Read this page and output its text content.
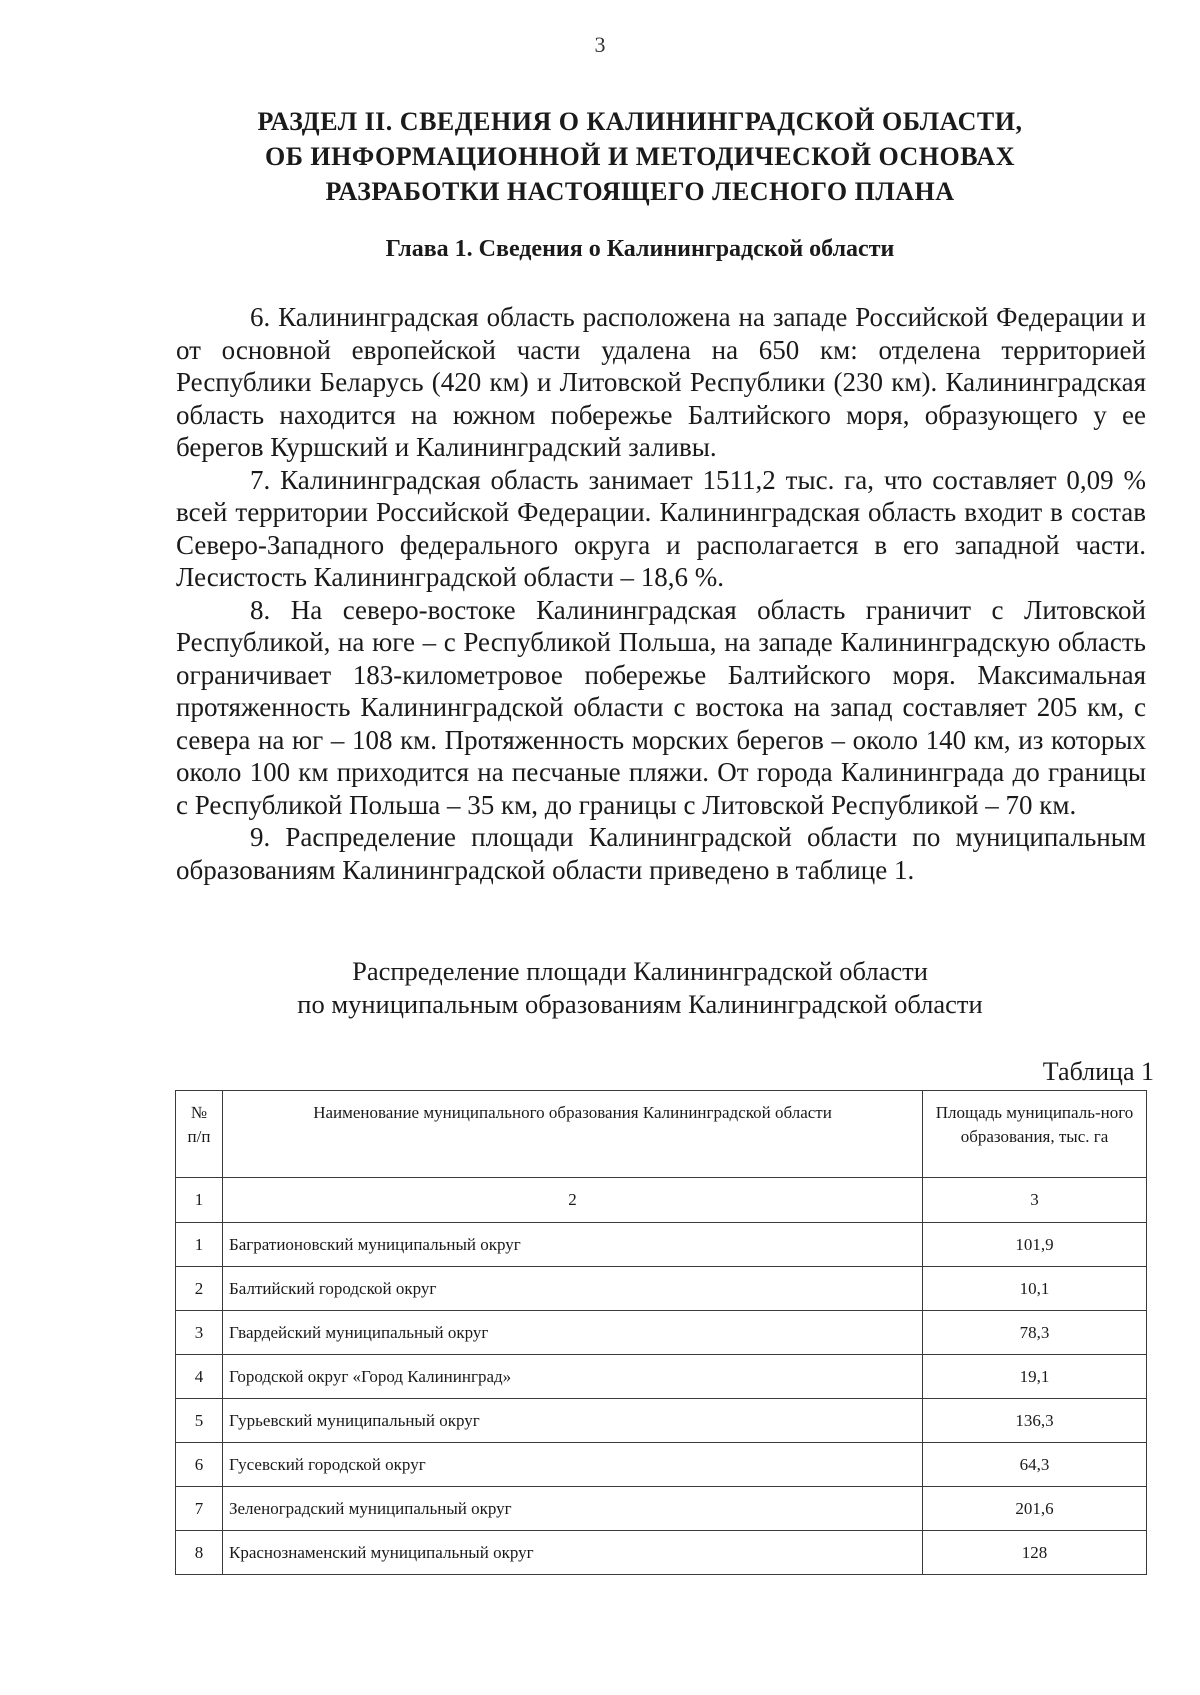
3
РАЗДЕЛ II. СВЕДЕНИЯ О КАЛИНИНГРАДСКОЙ ОБЛАСТИ,
ОБ ИНФОРМАЦИОННОЙ И МЕТОДИЧЕСКОЙ ОСНОВАХ
РАЗРАБОТКИ НАСТОЯЩЕГО ЛЕСНОГО ПЛАНА
Глава 1. Сведения о Калининградской области

6. Калининградская область расположена на западе Российской Федерации и от основной европейской части удалена на 650 км: отделена территорией Республики Беларусь (420 км) и Литовской Республики (230 км). Калининградская область находится на южном побережье Балтийского моря, образующего у ее берегов Куршский и Калининградский заливы.

7. Калининградская область занимает 1511,2 тыс. га, что составляет 0,09 % всей территории Российской Федерации. Калининградская область входит в состав Северо-Западного федерального округа и располагается в его западной части. Лесистость Калининградской области – 18,6 %.

8. На северо-востоке Калининградская область граничит с Литовской Республикой, на юге – с Республикой Польша, на западе Калининградскую область ограничивает 183-километровое побережье Балтийского моря. Максимальная протяженность Калининградской области с востока на запад составляет 205 км, с севера на юг – 108 км. Протяженность морских берегов – около 140 км, из которых около 100 км приходится на песчаные пляжи. От города Калининграда до границы с Республикой Польша – 35 км, до границы с Литовской Республикой – 70 км.

9. Распределение площади Калининградской области по муниципальным образованиям Калининградской области приведено в таблице 1.

Распределение площади Калининградской области
по муниципальным образованиям Калининградской области
Таблица 1
№ п/п	Наименование муниципального образования Калининградской области	Площадь муниципаль-ного образования, тыс. га
1	2	3
1	Багратионовский муниципальный округ	101,9
2	Балтийский городской округ	10,1
3	Гвардейский муниципальный округ	78,3
4	Городской округ «Город Калининград»	19,1
5	Гурьевский муниципальный округ	136,3
6	Гусевский городской округ	64,3
7	Зеленоградский муниципальный округ	201,6
8	Краснознаменский муниципальный округ	128
